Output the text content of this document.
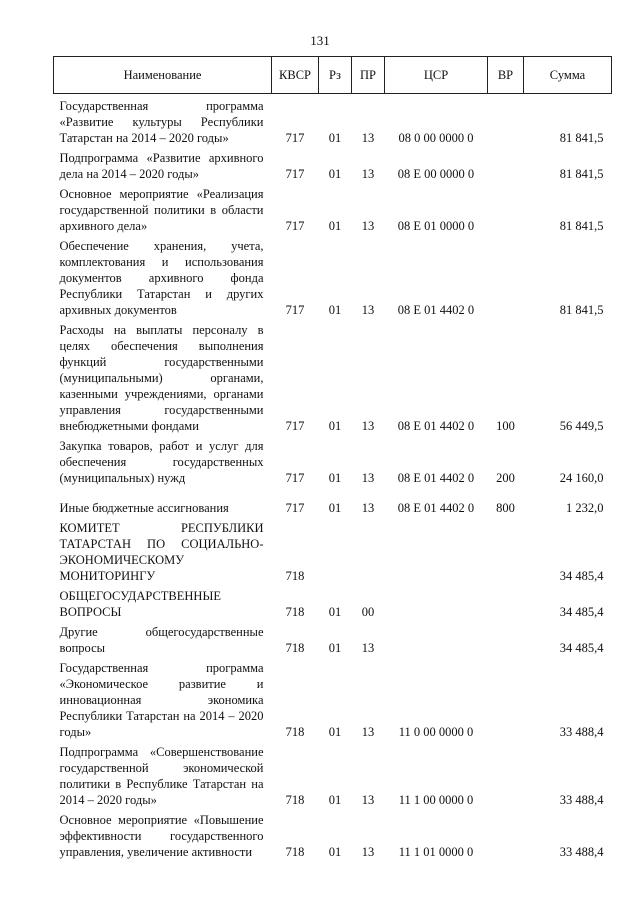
131
Наименование	КВСР	Рз	ПР	ЦСР	ВР	Сумма
Государственная программа «Развитие культуры Республики Татарстан на 2014 – 2020 годы»	717	01	13	08 0 00 0000 0		81 841,5
Подпрограмма «Развитие архивного дела на 2014 – 2020 годы»	717	01	13	08 Е 00 0000 0		81 841,5
Основное мероприятие «Реализация государственной политики в области архивного дела»	717	01	13	08 Е 01 0000 0		81 841,5
Обеспечение хранения, учета, комплектования и использования документов архивного фонда Республики Татарстан и других архивных документов	717	01	13	08 Е 01 4402 0		81 841,5
Расходы на выплаты персоналу в целях обеспечения выполнения функций государственными (муниципальными) органами, казенными учреждениями, органами управления государственными внебюджетными фондами	717	01	13	08 Е 01 4402 0	100	56 449,5
Закупка товаров, работ и услуг для обеспечения государственных (муниципальных) нужд	717	01	13	08 Е 01 4402 0	200	24 160,0
Иные бюджетные ассигнования	717	01	13	08 Е 01 4402 0	800	1 232,0
КОМИТЕТ РЕСПУБЛИКИ ТАТАРСТАН ПО СОЦИАЛЬНО-ЭКОНОМИЧЕСКОМУ МОНИТОРИНГУ	718					34 485,4
ОБЩЕГОСУДАРСТВЕННЫЕ ВОПРОСЫ	718	01	00			34 485,4
Другие общегосударственные вопросы	718	01	13			34 485,4
Государственная программа «Экономическое развитие и инновационная экономика Республики Татарстан на 2014 – 2020 годы»	718	01	13	11 0 00 0000 0		33 488,4
Подпрограмма «Совершенствование государственной экономической политики в Республике Татарстан на 2014 – 2020 годы»	718	01	13	11 1 00 0000 0		33 488,4
Основное мероприятие «Повышение эффективности государственного управления, увеличение активности	718	01	13	11 1 01 0000 0		33 488,4
